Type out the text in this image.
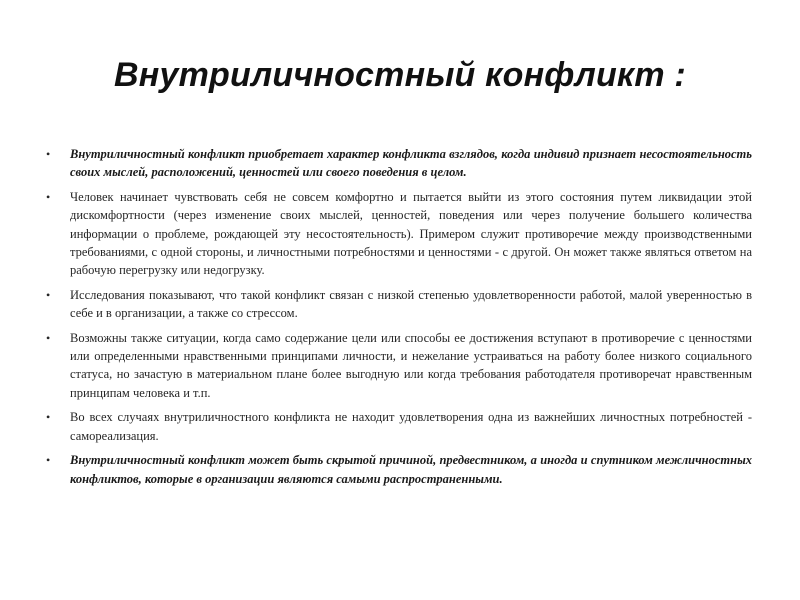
Внутриличностный конфликт :
• Внутриличностный конфликт приобретает характер конфликта взглядов, когда индивид признает несостоятельность своих мыслей, расположений, ценностей или своего поведения в целом.
• Человек начинает чувствовать себя не совсем комфортно и пытается выйти из этого состояния путем ликвидации этой дискомфортности (через изменение своих мыслей, ценностей, поведения или через получение большего количества информации о проблеме, рождающей эту несостоятельность). Примером служит противоречие между производственными требованиями, с одной стороны, и личностными потребностями и ценностями - с другой. Он может также являться ответом на рабочую перегрузку или недогрузку.
• Исследования показывают, что такой конфликт связан с низкой степенью удовлетворенности работой, малой уверенностью в себе и в организации, а также со стрессом.
• Возможны также ситуации, когда само содержание цели или способы ее достижения вступают в противоречие с ценностями или определенными нравственными принципами личности, и нежелание устраиваться на работу более низкого социального статуса, но зачастую в материальном плане более выгодную или когда требования работодателя противоречат нравственным принципам человека и т.п.
• Во всех случаях внутриличностного конфликта не находит удовлетворения одна из важнейших личностных потребностей - самореализация.
• Внутриличностный конфликт может быть скрытой причиной, предвестником, а иногда и спутником межличностных конфликтов, которые в организации являются самыми распространенными.
